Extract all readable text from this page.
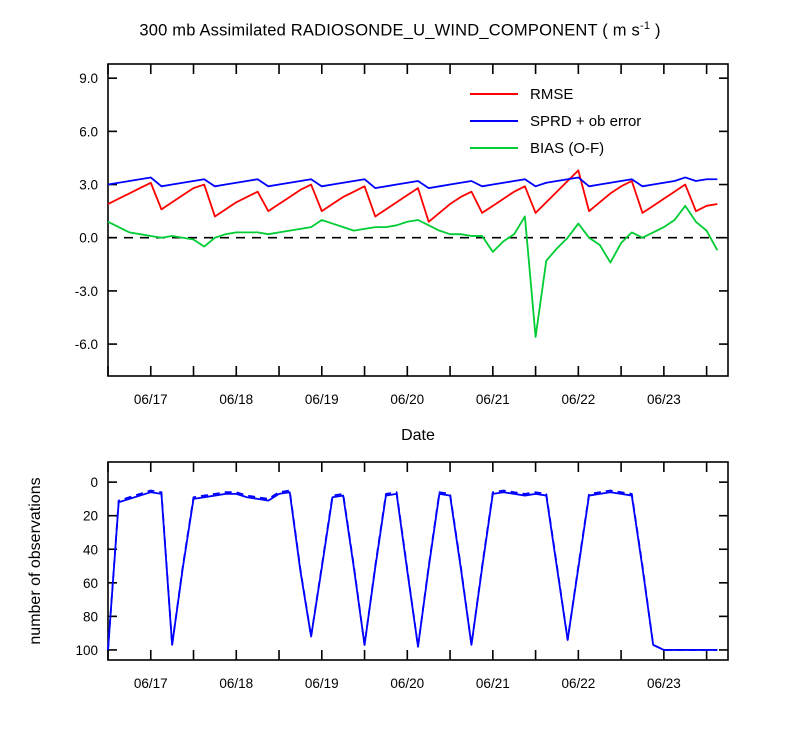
300 mb Assimilated RADIOSONDE_U_WIND_COMPONENT ( m $s^{-1}$ )
9.0
6.0
3.0
0.0
-3.0
-6.0
06/17	06/18	06/19	06/20	06/21	06/22	06/23
Date
RMSE
SPRD + ob error
BIAS (O-F)
100
80
60
40
20
0
06/17	06/18	06/19	06/20	06/21	06/22	06/23
number of observations
